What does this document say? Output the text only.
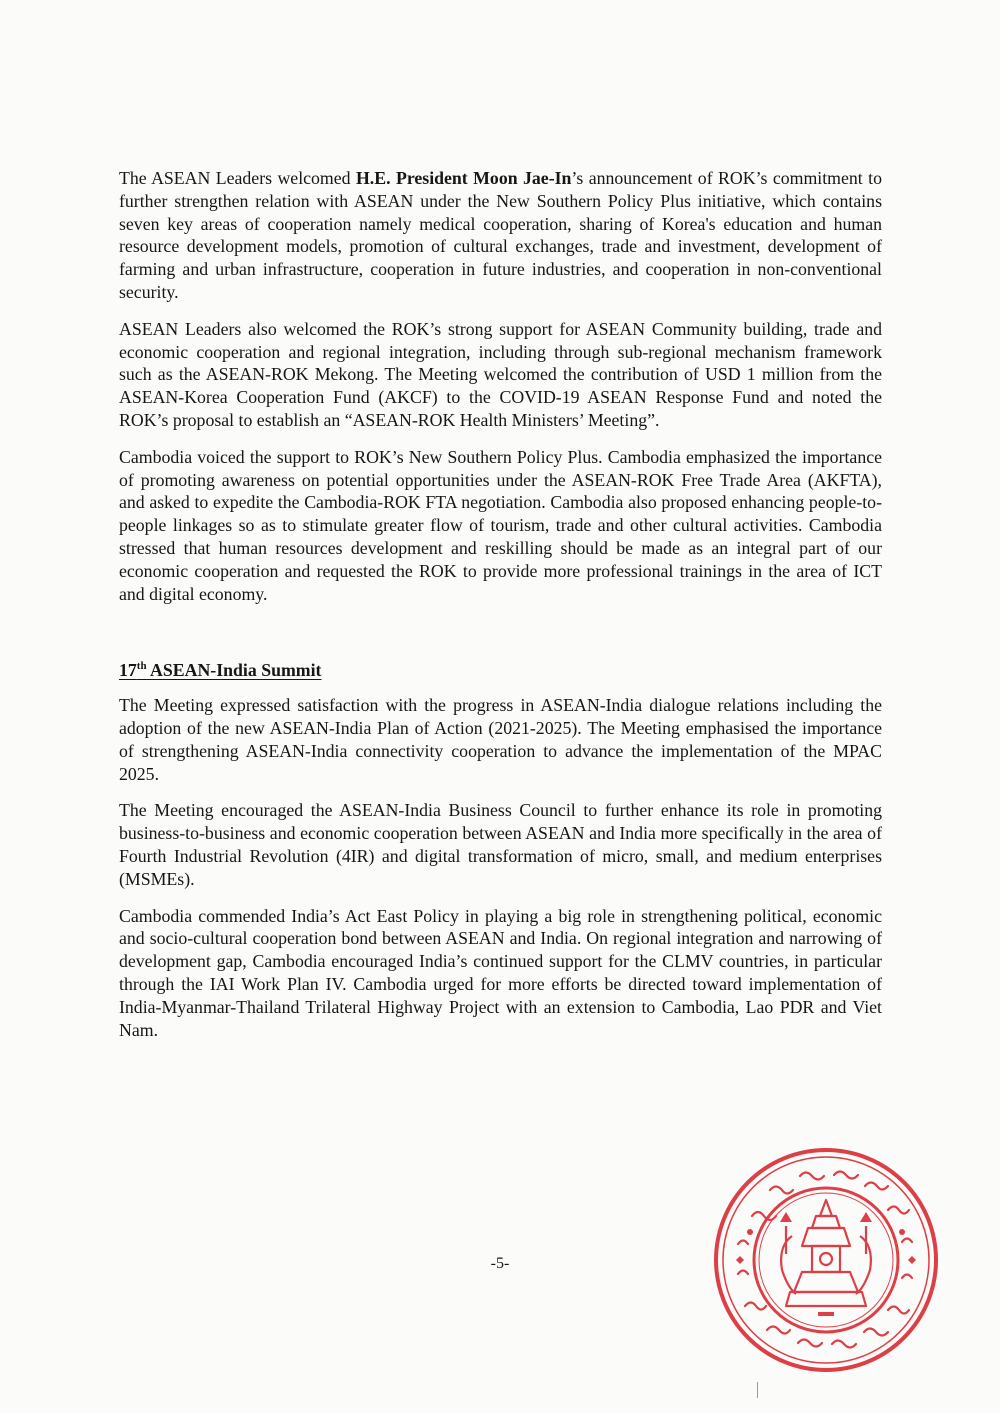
The ASEAN Leaders welcomed H.E. President Moon Jae-In’s announcement of ROK’s commitment to further strengthen relation with ASEAN under the New Southern Policy Plus initiative, which contains seven key areas of cooperation namely medical cooperation, sharing of Korea's education and human resource development models, promotion of cultural exchanges, trade and investment, development of farming and urban infrastructure, cooperation in future industries, and cooperation in non-conventional security.

ASEAN Leaders also welcomed the ROK’s strong support for ASEAN Community building, trade and economic cooperation and regional integration, including through sub-regional mechanism framework such as the ASEAN-ROK Mekong. The Meeting welcomed the contribution of USD 1 million from the ASEAN-Korea Cooperation Fund (AKCF) to the COVID-19 ASEAN Response Fund and noted the ROK’s proposal to establish an “ASEAN-ROK Health Ministers’ Meeting”.

Cambodia voiced the support to ROK’s New Southern Policy Plus. Cambodia emphasized the importance of promoting awareness on potential opportunities under the ASEAN-ROK Free Trade Area (AKFTA), and asked to expedite the Cambodia-ROK FTA negotiation. Cambodia also proposed enhancing people-to-people linkages so as to stimulate greater flow of tourism, trade and other cultural activities. Cambodia stressed that human resources development and reskilling should be made as an integral part of our economic cooperation and requested the ROK to provide more professional trainings in the area of ICT and digital economy.

17th ASEAN-India Summit

The Meeting expressed satisfaction with the progress in ASEAN-India dialogue relations including the adoption of the new ASEAN-India Plan of Action (2021-2025). The Meeting emphasised the importance of strengthening ASEAN-India connectivity cooperation to advance the implementation of the MPAC 2025.

The Meeting encouraged the ASEAN-India Business Council to further enhance its role in promoting business-to-business and economic cooperation between ASEAN and India more specifically in the area of Fourth Industrial Revolution (4IR) and digital transformation of micro, small, and medium enterprises (MSMEs).

Cambodia commended India’s Act East Policy in playing a big role in strengthening political, economic and socio-cultural cooperation bond between ASEAN and India. On regional integration and narrowing of development gap, Cambodia encouraged India’s continued support for the CLMV countries, in particular through the IAI Work Plan IV. Cambodia urged for more efforts be directed toward implementation of India-Myanmar-Thailand Trilateral Highway Project with an extension to Cambodia, Lao PDR and Viet Nam.

-5-
